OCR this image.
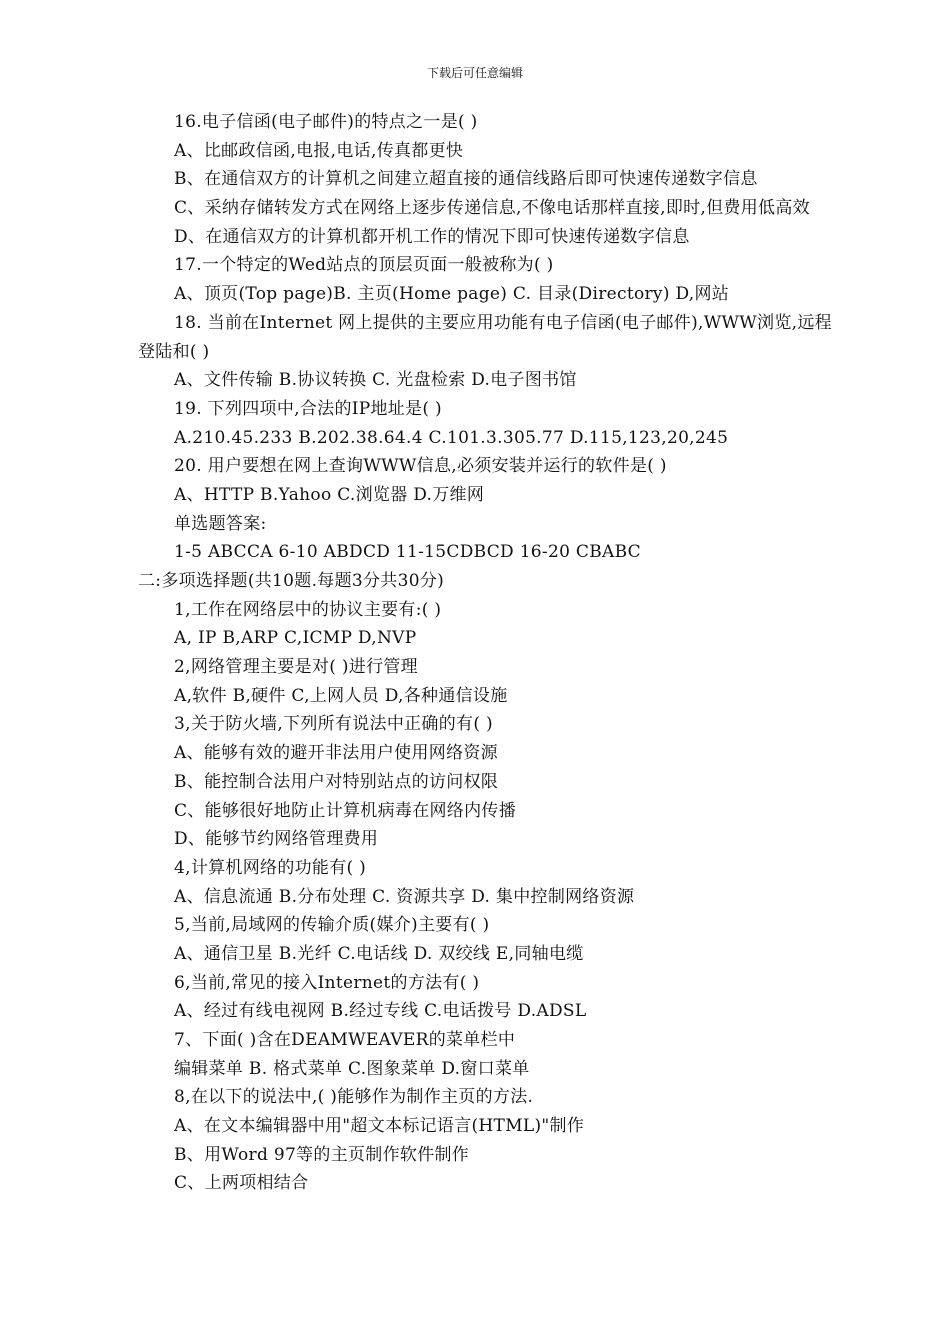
下载后可任意编辑
16.电子信函(电子邮件)的特点之一是( )
A、比邮政信函,电报,电话,传真都更快
B、在通信双方的计算机之间建立超直接的通信线路后即可快速传递数字信息
C、采纳存储转发方式在网络上逐步传递信息,不像电话那样直接,即时,但费用低高效
D、在通信双方的计算机都开机工作的情况下即可快速传递数字信息
17.一个特定的Wed站点的顶层页面一般被称为( )
A、顶页(Top page)B. 主页(Home page) C. 目录(Directory) D,网站
18. 当前在Internet 网上提供的主要应用功能有电子信函(电子邮件),WWW浏览,远程登陆和( )
A、文件传输 B.协议转换 C. 光盘检索 D.电子图书馆
19. 下列四项中,合法的IP地址是( )
A.210.45.233 B.202.38.64.4 C.101.3.305.77 D.115,123,20,245
20. 用户要想在网上查询WWW信息,必须安装并运行的软件是( )
A、HTTP B.Yahoo C.浏览器 D.万维网
单选题答案:
1-5 ABCCA 6-10 ABDCD 11-15CDBCD 16-20 CBABC
二:多项选择题(共10题.每题3分共30分)
1,工作在网络层中的协议主要有:( )
A, IP B,ARP C,ICMP D,NVP
2,网络管理主要是对( )进行管理
A,软件 B,硬件 C,上网人员 D,各种通信设施
3,关于防火墙,下列所有说法中正确的有( )
A、能够有效的避开非法用户使用网络资源
B、能控制合法用户对特别站点的访问权限
C、能够很好地防止计算机病毒在网络内传播
D、能够节约网络管理费用
4,计算机网络的功能有( )
A、信息流通 B.分布处理 C. 资源共享 D. 集中控制网络资源
5,当前,局域网的传输介质(媒介)主要有( )
A、通信卫星 B.光纤 C.电话线 D. 双绞线 E,同轴电缆
6,当前,常见的接入Internet的方法有( )
A、经过有线电视网 B.经过专线 C.电话拨号 D.ADSL
7、下面( )含在DEAMWEAVER的菜单栏中
编辑菜单 B. 格式菜单 C.图象菜单 D.窗口菜单
8,在以下的说法中,( )能够作为制作主页的方法.
A、在文本编辑器中用"超文本标记语言(HTML)"制作
B、用Word 97等的主页制作软件制作
C、上两项相结合
